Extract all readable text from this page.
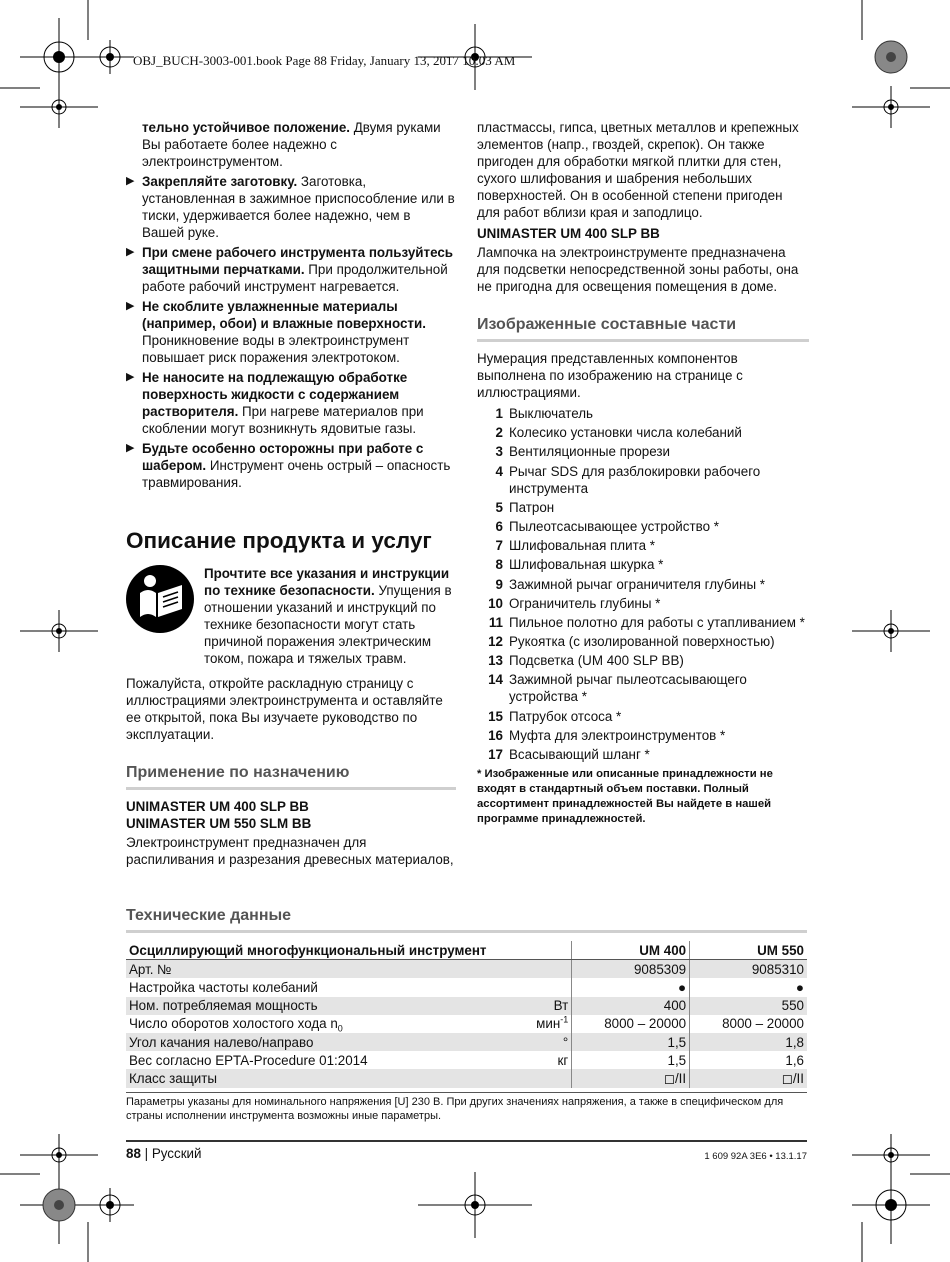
OBJ_BUCH-3003-001.book Page 88 Friday, January 13, 2017 10:03 AM

тельно устойчивое положение. Двумя руками Вы работаете более надежно с электроинструментом.

▶ Закрепляйте заготовку. Заготовка, установленная в зажимное приспособление или в тиски, удерживается более надежно, чем в Вашей руке.
▶ При смене рабочего инструмента пользуйтесь защитными перчатками. При продолжительной работе рабочий инструмент нагревается.
▶ Не скоблите увлажненные материалы (например, обои) и влажные поверхности. Проникновение воды в электроинструмент повышает риск поражения электротоком.
▶ Не наносите на подлежащую обработке поверхность жидкости с содержанием растворителя. При нагреве материалов при скоблении могут возникнуть ядовитые газы.
▶ Будьте особенно осторожны при работе с шабером. Инструмент очень острый – опасность травмирования.
Описание продукта и услуг

Прочтите все указания и инструкции по технике безопасности. Упущения в отношении указаний и инструкций по технике безопасности могут стать причиной поражения электрическим током, пожара и тяжелых травм.

Пожалуйста, откройте раскладную страницу с иллюстрациями электроинструмента и оставляйте ее открытой, пока Вы изучаете руководство по эксплуатации.

Применение по назначению
UNIMASTER UM 400 SLP BB
UNIMASTER UM 550 SLM BB

Электроинструмент предназначен для распиливания и разрезания древесных материалов,

пластмассы, гипса, цветных металлов и крепежных элементов (напр., гвоздей, скрепок). Он также пригоден для обработки мягкой плитки для стен, сухого шлифования и шабрения небольших поверхностей. Он в особенной степени пригоден для работ вблизи края и заподлицо.

UNIMASTER UM 400 SLP BB

Лампочка на электроинструменте предназначена для подсветки непосредственной зоны работы, она не пригодна для освещения помещения в доме.

Изображенные составные части

Нумерация представленных компонентов выполнена по изображению на странице с иллюстрациями.

1 Выключатель
2 Колесико установки числа колебаний
3 Вентиляционные прорези
4 Рычаг SDS для разблокировки рабочего инструмента
5 Патрон
6 Пылеотсасывающее устройство *
7 Шлифовальная плита *
8 Шлифовальная шкурка *
9 Зажимной рычаг ограничителя глубины *
10 Ограничитель глубины *
11 Пильное полотно для работы с утапливанием *
12 Рукоятка (с изолированной поверхностью)
13 Подсветка (UM 400 SLP BB)
14 Зажимной рычаг пылеотсасывающего устройства *
15 Патрубок отсоса *
16 Муфта для электроинструментов *
17 Всасывающий шланг *

* Изображенные или описанные принадлежности не входят в стандартный объем поставки. Полный ассортимент принадлежностей Вы найдете в нашей программе принадлежностей.

Технические данные
Осциллирующий многофункциональный инструмент		UM 400	UM 550
Арт. №		9085309	9085310
Настройка частоты колебаний		●	●
Ном. потребляемая мощность	Вт	400	550
Число оборотов холостого хода $n_0$	мин$^{-1}$	8000 – 20000	8000 – 20000
Угол качания налево/направо	°	1,5	1,8
Вес согласно EPTA-Procedure 01:2014	кг	1,5	1,6
Класс защиты		◻/II	◻/II
Параметры указаны для номинального напряжения [U] 230 В. При других значениях напряжения, а также в специфическом для страны исполнении инструмента возможны иные параметры.
88 | Русский	1 609 92A 3E6 • 13.1.17
